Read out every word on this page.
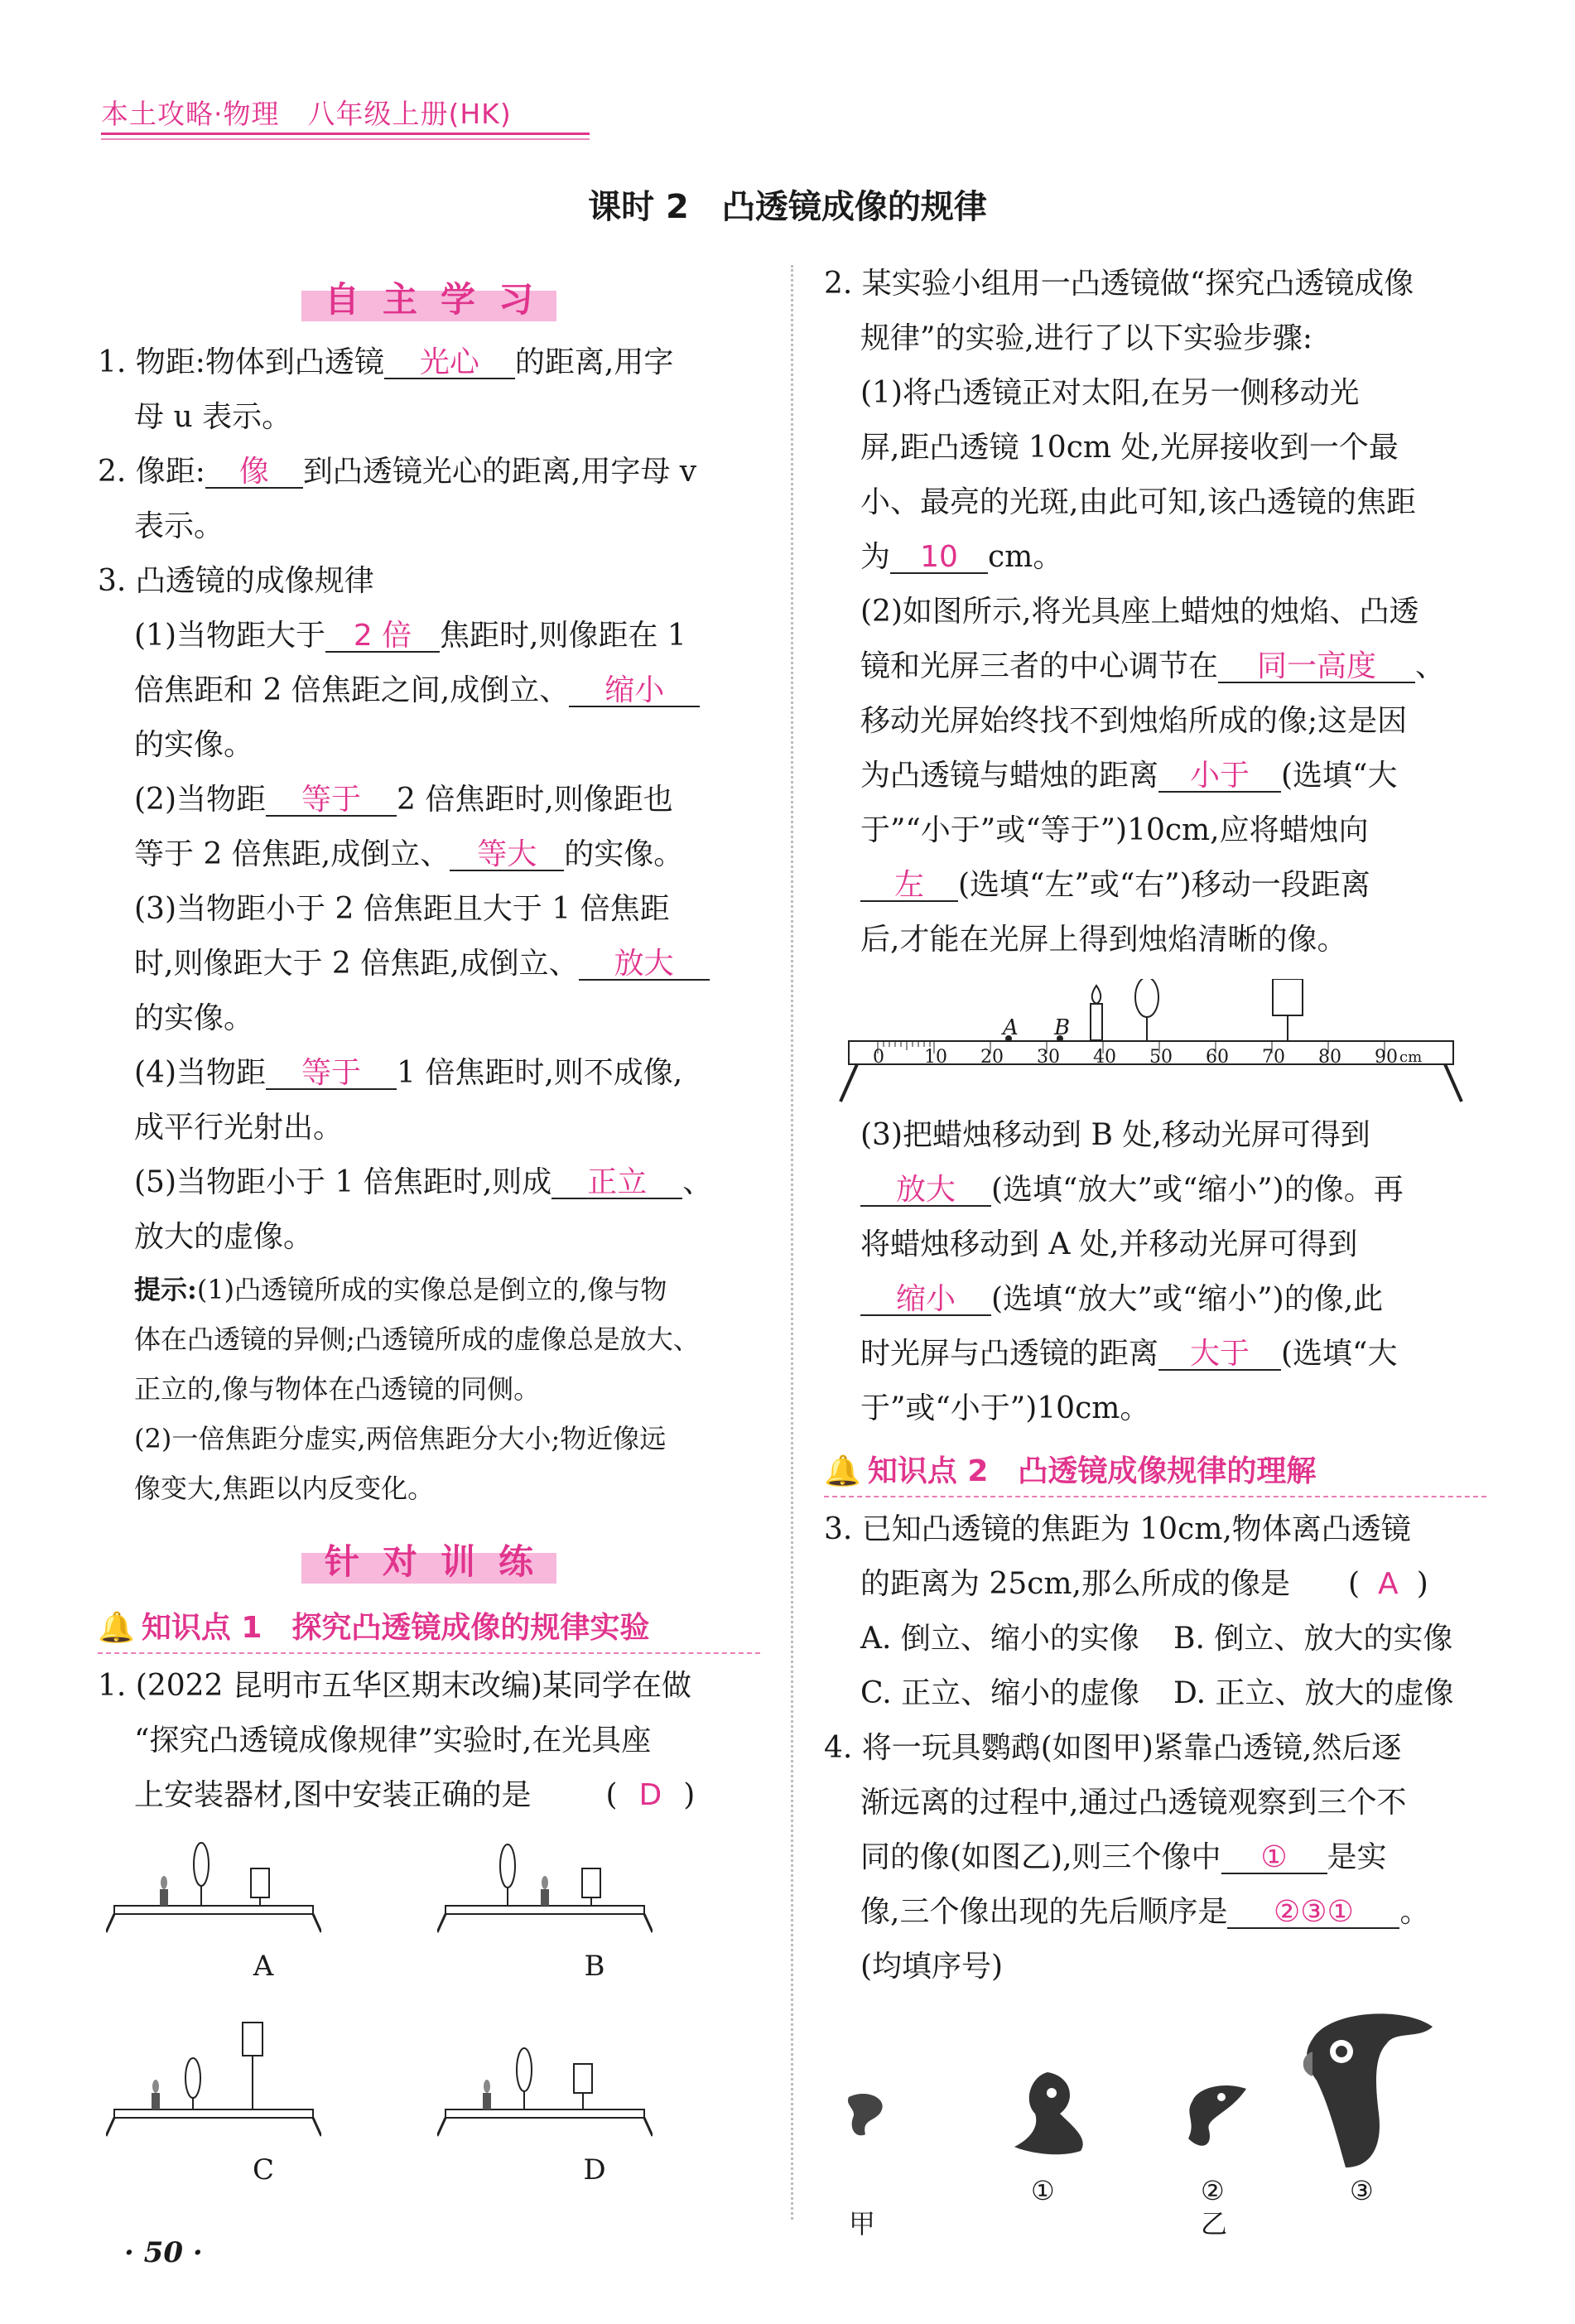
本土攻略·物理　八年级上册(HK)
课时 2　凸透镜成像的规律
自主学习

1. 物距:物体到凸透镜 光心 的距离,用字

母 u 表示。

2. 像距: 像 到凸透镜光心的距离,用字母 v

表示。

3. 凸透镜的成像规律

(1)当物距大于 2 倍 焦距时,则像距在 1

倍焦距和 2 倍焦距之间,成倒立、 缩小

的实像。

(2)当物距 等于 2 倍焦距时,则像距也

等于 2 倍焦距,成倒立、 等大 的实像。

(3)当物距小于 2 倍焦距且大于 1 倍焦距

时,则像距大于 2 倍焦距,成倒立、 放大

的实像。

(4)当物距 等于 1 倍焦距时,则不成像,

成平行光射出。

(5)当物距小于 1 倍焦距时,则成 正立 、

放大的虚像。

提示:(1)凸透镜所成的实像总是倒立的,像与物

体在凸透镜的异侧;凸透镜所成的虚像总是放大、

正立的,像与物体在凸透镜的同侧。

(2)一倍焦距分虚实,两倍焦距分大小;物近像远

像变大,焦距以内反变化。

针对训练
🔔 知识点 1　探究凸透镜成像的规律实验

1. (2022 昆明市五华区期末改编)某同学在做

“探究凸透镜成像规律”实验时,在光具座

上安装器材,图中安装正确的是	( D )

A	B
C	D

2. 某实验小组用一凸透镜做“探究凸透镜成像

规律”的实验,进行了以下实验步骤:

(1)将凸透镜正对太阳,在另一侧移动光

屏,距凸透镜 10cm 处,光屏接收到一个最

小、最亮的光斑,由此可知,该凸透镜的焦距

为 10 cm。

(2)如图所示,将光具座上蜡烛的烛焰、凸透

镜和光屏三者的中心调节在 同一高度 、

移动光屏始终找不到烛焰所成的像;这是因

为凸透镜与蜡烛的距离 小于 (选填“大

于”“小于”或“等于”)10cm,应将蜡烛向

左 (选填“左”或“右”)移动一段距离

后,才能在光屏上得到烛焰清晰的像。

A B
0 10 20 30 40 50 60 70 80 90 cm

(3)把蜡烛移动到 B 处,移动光屏可得到

放大 (选填“放大”或“缩小”)的像。再

将蜡烛移动到 A 处,并移动光屏可得到

缩小 (选填“放大”或“缩小”)的像,此

时光屏与凸透镜的距离 大于 (选填“大

于”或“小于”)10cm。

🔔 知识点 2　凸透镜成像规律的理解

3. 已知凸透镜的焦距为 10cm,物体离凸透镜

的距离为 25cm,那么所成的像是 ( A )

A. 倒立、缩小的实像	B. 倒立、放大的实像
C. 正立、缩小的虚像	D. 正立、放大的虚像

4. 将一玩具鹦鹉(如图甲)紧靠凸透镜,然后逐

渐远离的过程中,通过凸透镜观察到三个不

同的像(如图乙),则三个像中 ① 是实

像,三个像出现的先后顺序是 ②③① 。

(均填序号)

①	②	③
甲	乙
· 50 ·
